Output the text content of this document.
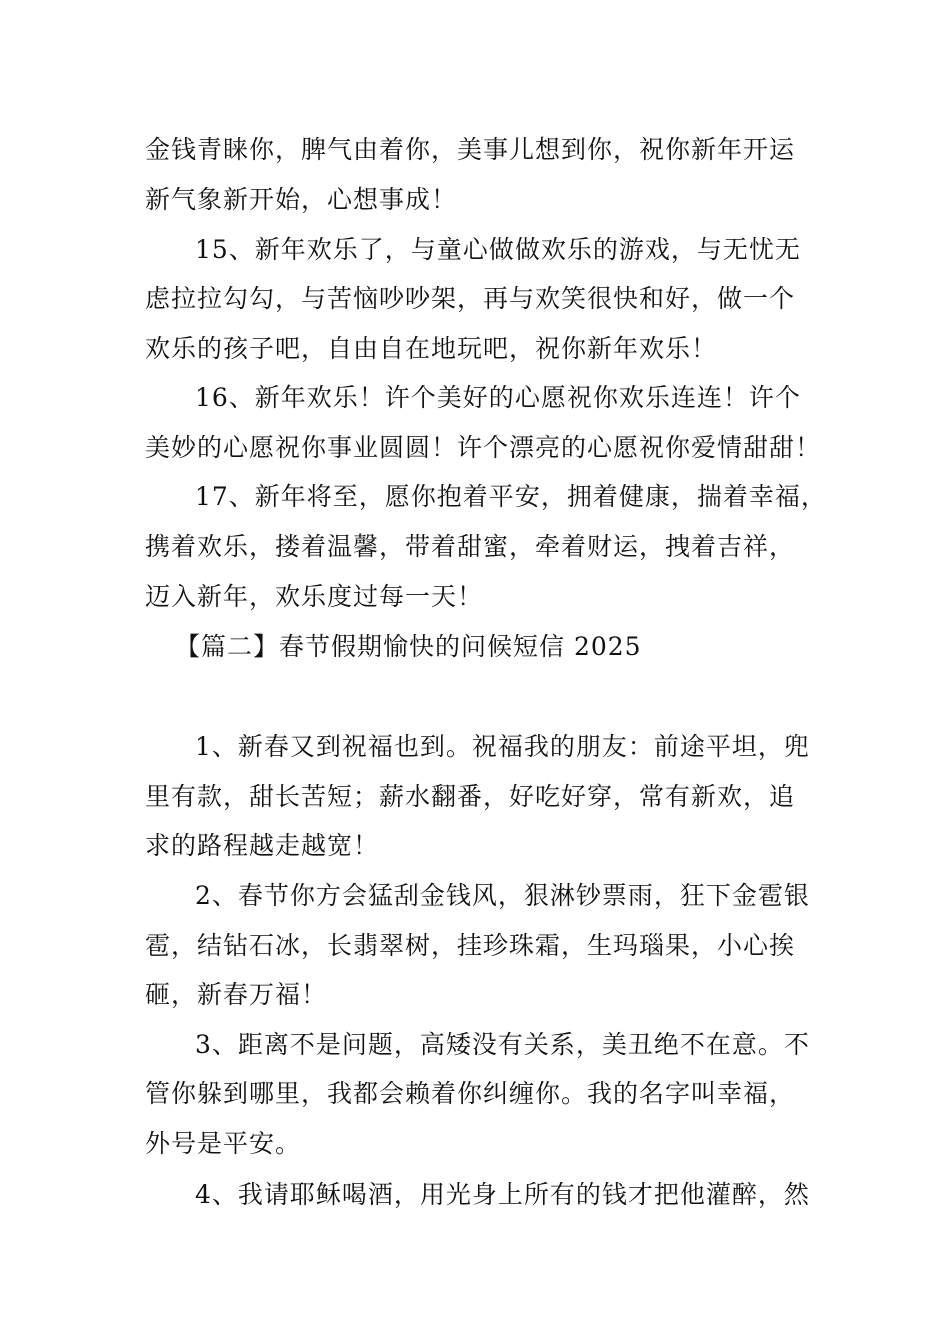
金钱青睐你，脾气由着你，美事儿想到你，祝你新年开运
新气象新开始，心想事成！
15、新年欢乐了，与童心做做欢乐的游戏，与无忧无
虑拉拉勾勾，与苦恼吵吵架，再与欢笑很快和好，做一个
欢乐的孩子吧，自由自在地玩吧，祝你新年欢乐！
16、新年欢乐！许个美好的心愿祝你欢乐连连！许个
美妙的心愿祝你事业圆圆！许个漂亮的心愿祝你爱情甜甜！
17、新年将至，愿你抱着平安，拥着健康，揣着幸福，
携着欢乐，搂着温馨，带着甜蜜，牵着财运，拽着吉祥，
迈入新年，欢乐度过每一天！
【篇二】春节假期愉快的问候短信 2025
1、新春又到祝福也到。祝福我的朋友：前途平坦，兜
里有款，甜长苦短；薪水翻番，好吃好穿，常有新欢，追
求的路程越走越宽！
2、春节你方会猛刮金钱风，狠淋钞票雨，狂下金雹银
雹，结钻石冰，长翡翠树，挂珍珠霜，生玛瑙果，小心挨
砸，新春万福！
3、距离不是问题，高矮没有关系，美丑绝不在意。不
管你躲到哪里，我都会赖着你纠缠你。我的名字叫幸福，
外号是平安。
4、我请耶稣喝酒，用光身上所有的钱才把他灌醉，然
